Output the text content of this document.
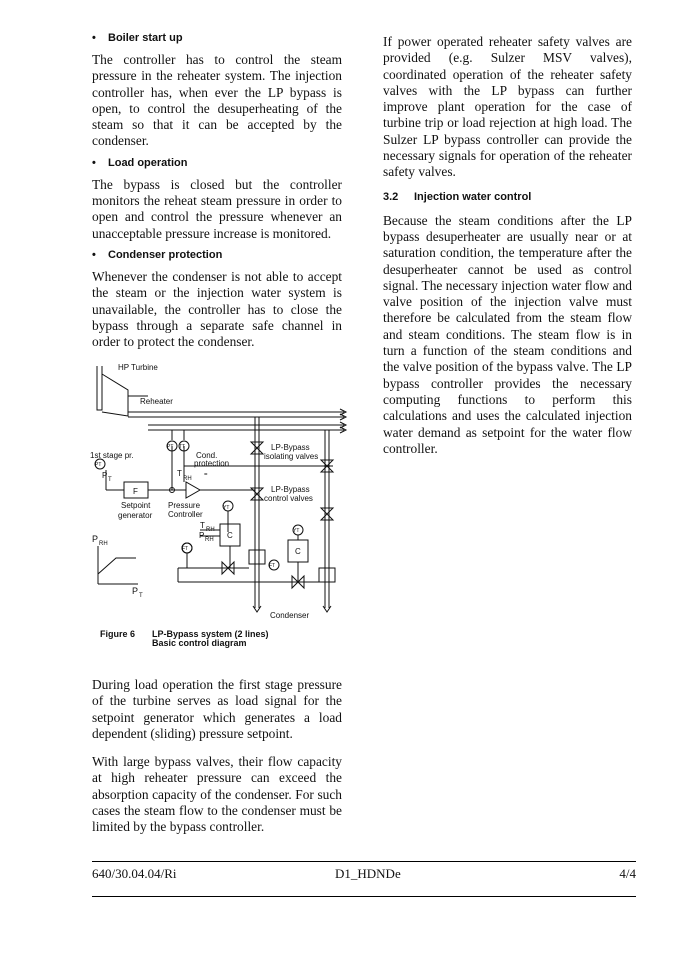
• Boiler start up

The controller has to control the steam pressure in the reheater system. The injection controller has, when ever the LP bypass is open, to control the desuperheating of the steam so that it can be accepted by the condenser.

• Load operation

The bypass is closed but the controller monitors the reheat steam pressure in order to open and control the pressure whenever an unacceptable pressure increase is monitored.

• Condenser protection

Whenever the condenser is not able to accept the steam or the injection water system is unavailable, the controller has to close the bypass through a separate safe channel in order to protect the condenser.

HP Turbine
Reheater
1st stage pr.
PT
PT TT
F
Setpoint
generator
Pressure
Controller
Cond.
protection
LP-Bypass
isolating valves
LP-Bypass
control valves
YT
YT
C
C
FT
FT
T
RH
=
T RH
P RH
P T
P RH
P T
Condenser
Figure 6 LP-Bypass system (2 lines)
Basic control diagram

During load operation the first stage pressure of the turbine serves as load signal for the setpoint generator which generates a load dependent (sliding) pressure setpoint.

With large bypass valves, their flow capacity at high reheater pressure can exceed the absorption capacity of the condenser. For such cases the steam flow to the condenser must be limited by the bypass controller.

If power operated reheater safety valves are provided (e.g. Sulzer MSV valves), coordinated operation of the reheater safety valves with the LP bypass can further improve plant operation for the case of turbine trip or load rejection at high load. The Sulzer LP bypass controller can provide the necessary signals for operation of the reheater safety valves.

3.2 Injection water control

Because the steam conditions after the LP bypass desuperheater are usually near or at saturation condition, the temperature after the desuperheater cannot be used as control signal. The necessary injection water flow and valve position of the injection valve must therefore be calculated from the steam flow and steam conditions. The steam flow is in turn a function of the steam conditions and the valve position of the bypass valve. The LP bypass controller provides the necessary computing functions to perform this calculations and uses the calculated injection water demand as setpoint for the water flow controller.

640/30.04.04/Ri	D1_HDNDe	4/4
